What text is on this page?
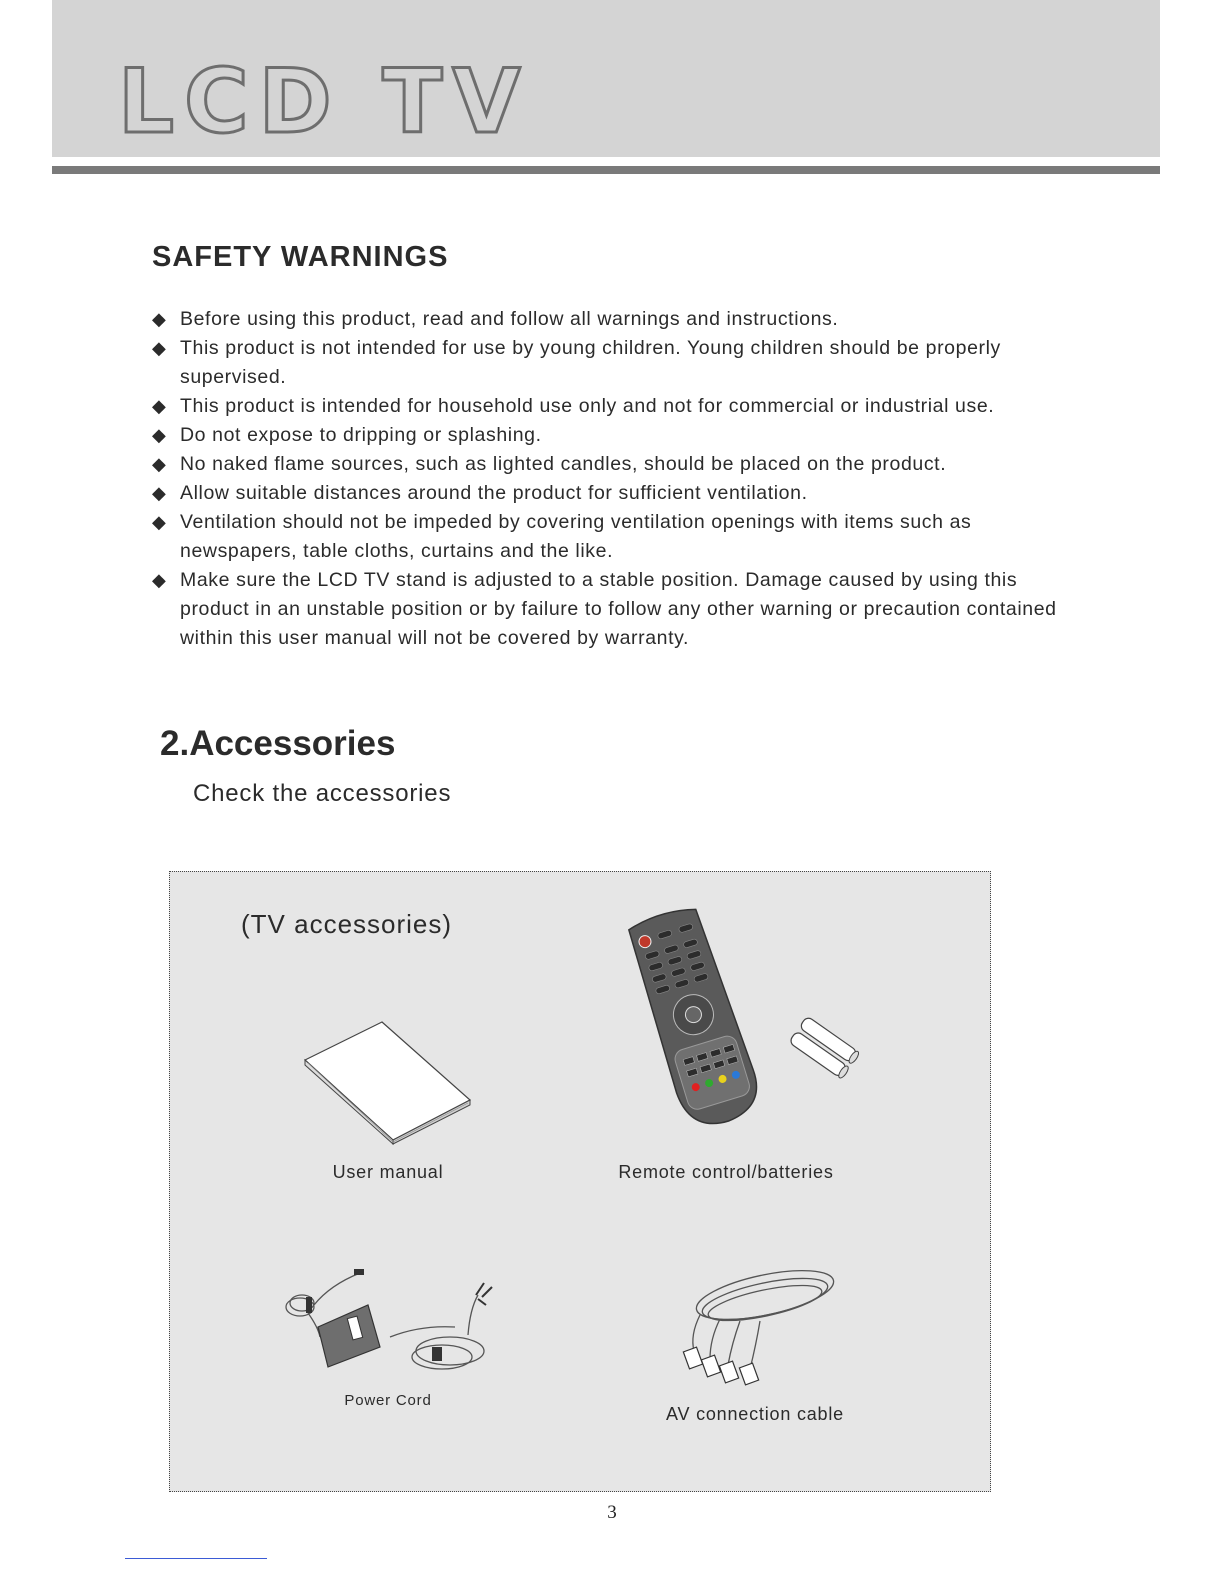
LCD TV
SAFETY WARNINGS
◆ Before using this product, read and follow all warnings and instructions.
◆ This product is not intended for use by young children. Young children should be properly supervised.
◆ This product is intended for household use only and not for commercial or industrial use.
◆ Do not expose to dripping or splashing.
◆ No naked flame sources, such as lighted candles, should be placed on the product.
◆ Allow suitable distances around the product for sufficient ventilation.
◆ Ventilation should not be impeded by covering ventilation openings with items such as newspapers, table cloths, curtains and the like.
◆ Make sure the LCD TV stand is adjusted to a stable position. Damage caused by using this product in an unstable position or by failure to follow any other warning or precaution contained within this user manual will not be covered by warranty.
2.Accessories
Check the accessories
(TV accessories)
User manual	Remote control/batteries
Power Cord
AV connection cable
3
